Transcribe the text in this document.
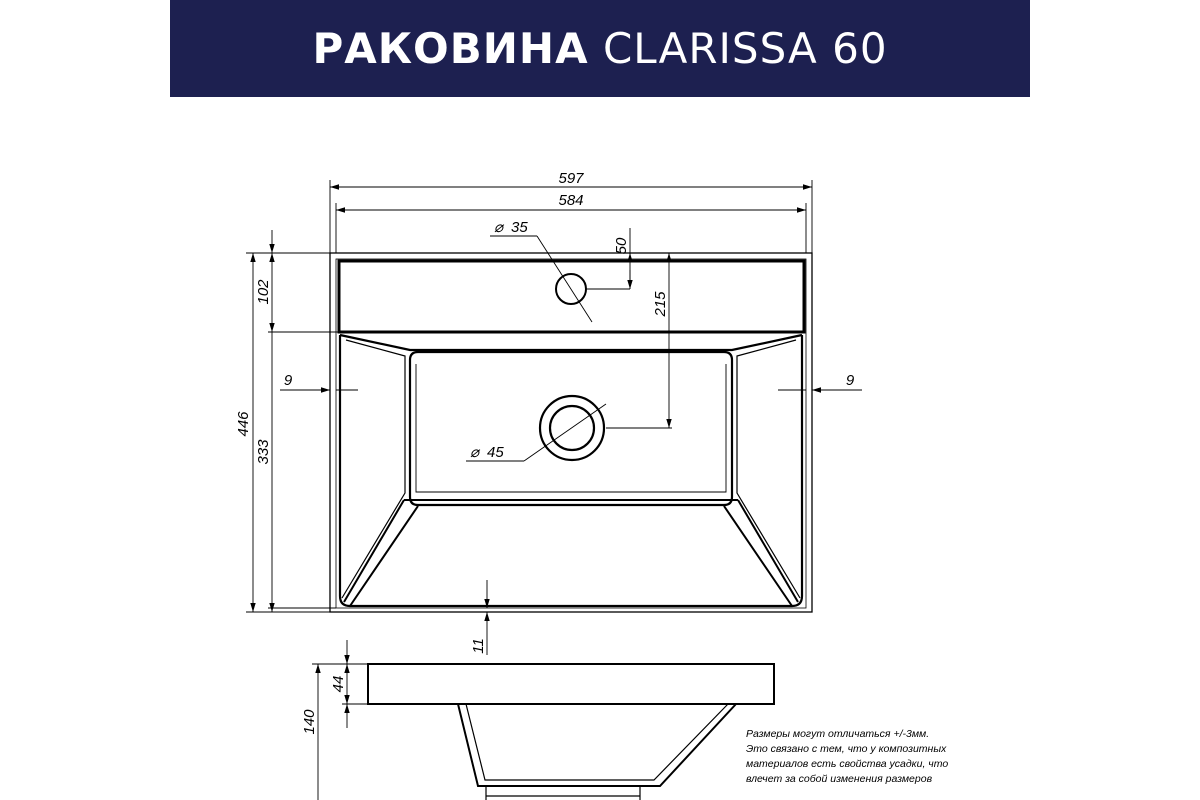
РАКОВИНА CLARISSA 60
597
584
⌀ 35
50
215
102
446
333
9	9
⌀ 45
11
44
140	Размеры могут отличаться +/-3мм.
Это связано с тем, что у композитных
материалов есть свойства усадки, что
влечет за собой изменения размеров
